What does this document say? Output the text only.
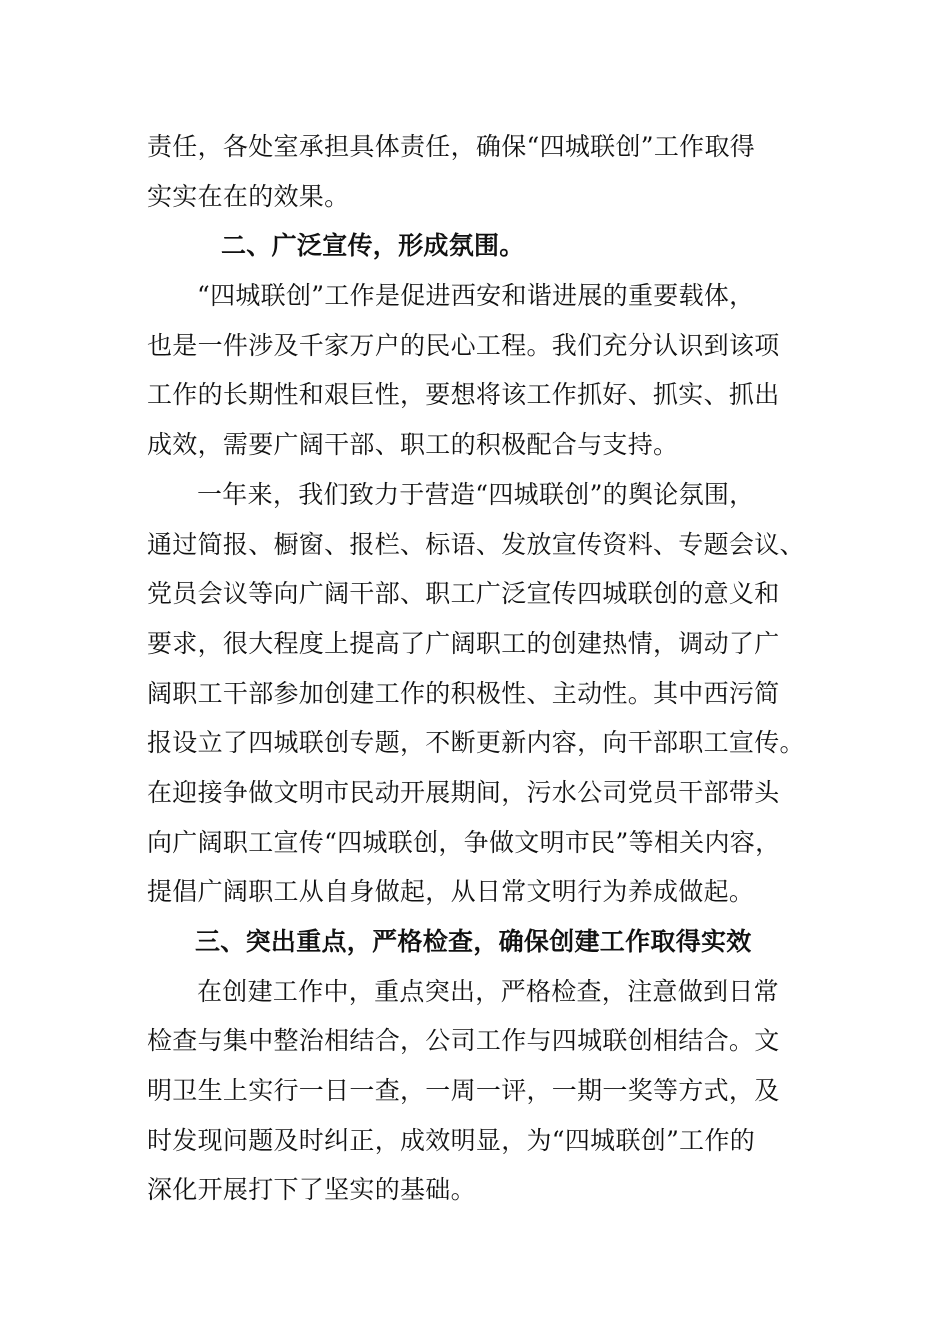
责任，各处室承担具体责任，确保“四城联创”工作取得
实实在在的效果。
二、广泛宣传，形成氛围。
“四城联创”工作是促进西安和谐进展的重要载体，
也是一件涉及千家万户的民心工程。我们充分认识到该项
工作的长期性和艰巨性，要想将该工作抓好、抓实、抓出
成效，需要广阔干部、职工的积极配合与支持。
一年来，我们致力于营造“四城联创”的舆论氛围，
通过简报、橱窗、报栏、标语、发放宣传资料、专题会议、
党员会议等向广阔干部、职工广泛宣传四城联创的意义和
要求，很大程度上提高了广阔职工的创建热情，调动了广
阔职工干部参加创建工作的积极性、主动性。其中西污简
报设立了四城联创专题，不断更新内容，向干部职工宣传。
在迎接争做文明市民动开展期间，污水公司党员干部带头
向广阔职工宣传“四城联创，争做文明市民”等相关内容，
提倡广阔职工从自身做起，从日常文明行为养成做起。
三、突出重点，严格检查，确保创建工作取得实效
在创建工作中，重点突出，严格检查，注意做到日常
检查与集中整治相结合，公司工作与四城联创相结合。文
明卫生上实行一日一查，一周一评，一期一奖等方式，及
时发现问题及时纠正，成效明显，为“四城联创”工作的
深化开展打下了坚实的基础。
